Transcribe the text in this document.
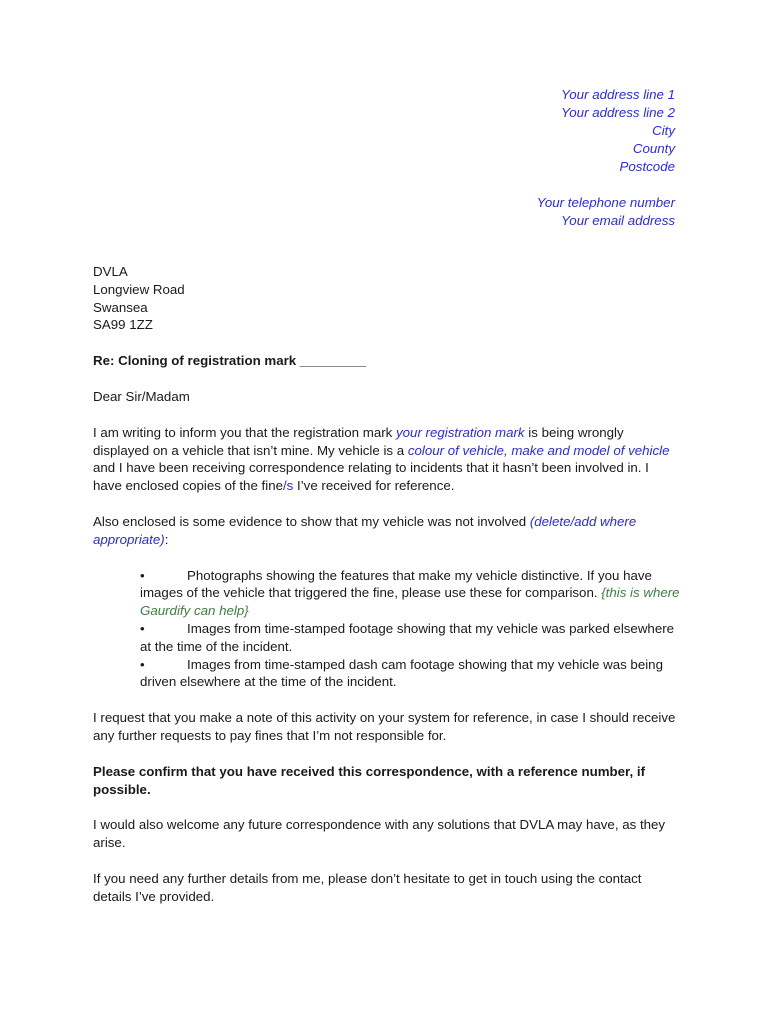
Your address line 1
Your address line 2
City
County
Postcode
Your telephone number
Your email address

DVLA
Longview Road
Swansea
SA99 1ZZ

Re: Cloning of registration mark _________

Dear Sir/Madam

I am writing to inform you that the registration mark your registration mark is being wrongly displayed on a vehicle that isn’t mine. My vehicle is a colour of vehicle, make and model of vehicle and I have been receiving correspondence relating to incidents that it hasn’t been involved in. I have enclosed copies of the fine/s I’ve received for reference.

Also enclosed is some evidence to show that my vehicle was not involved (delete/add where appropriate):

•	Photographs showing the features that make my vehicle distinctive. If you have images of the vehicle that triggered the fine, please use these for comparison. {this is where Gaurdify can help}
•	Images from time-stamped footage showing that my vehicle was parked elsewhere at the time of the incident.
•	Images from time-stamped dash cam footage showing that my vehicle was being driven elsewhere at the time of the incident.

I request that you make a note of this activity on your system for reference, in case I should receive any further requests to pay fines that I’m not responsible for.

Please confirm that you have received this correspondence, with a reference number, if possible.

I would also welcome any future correspondence with any solutions that DVLA may have, as they arise.

If you need any further details from me, please don’t hesitate to get in touch using the contact details I’ve provided.
